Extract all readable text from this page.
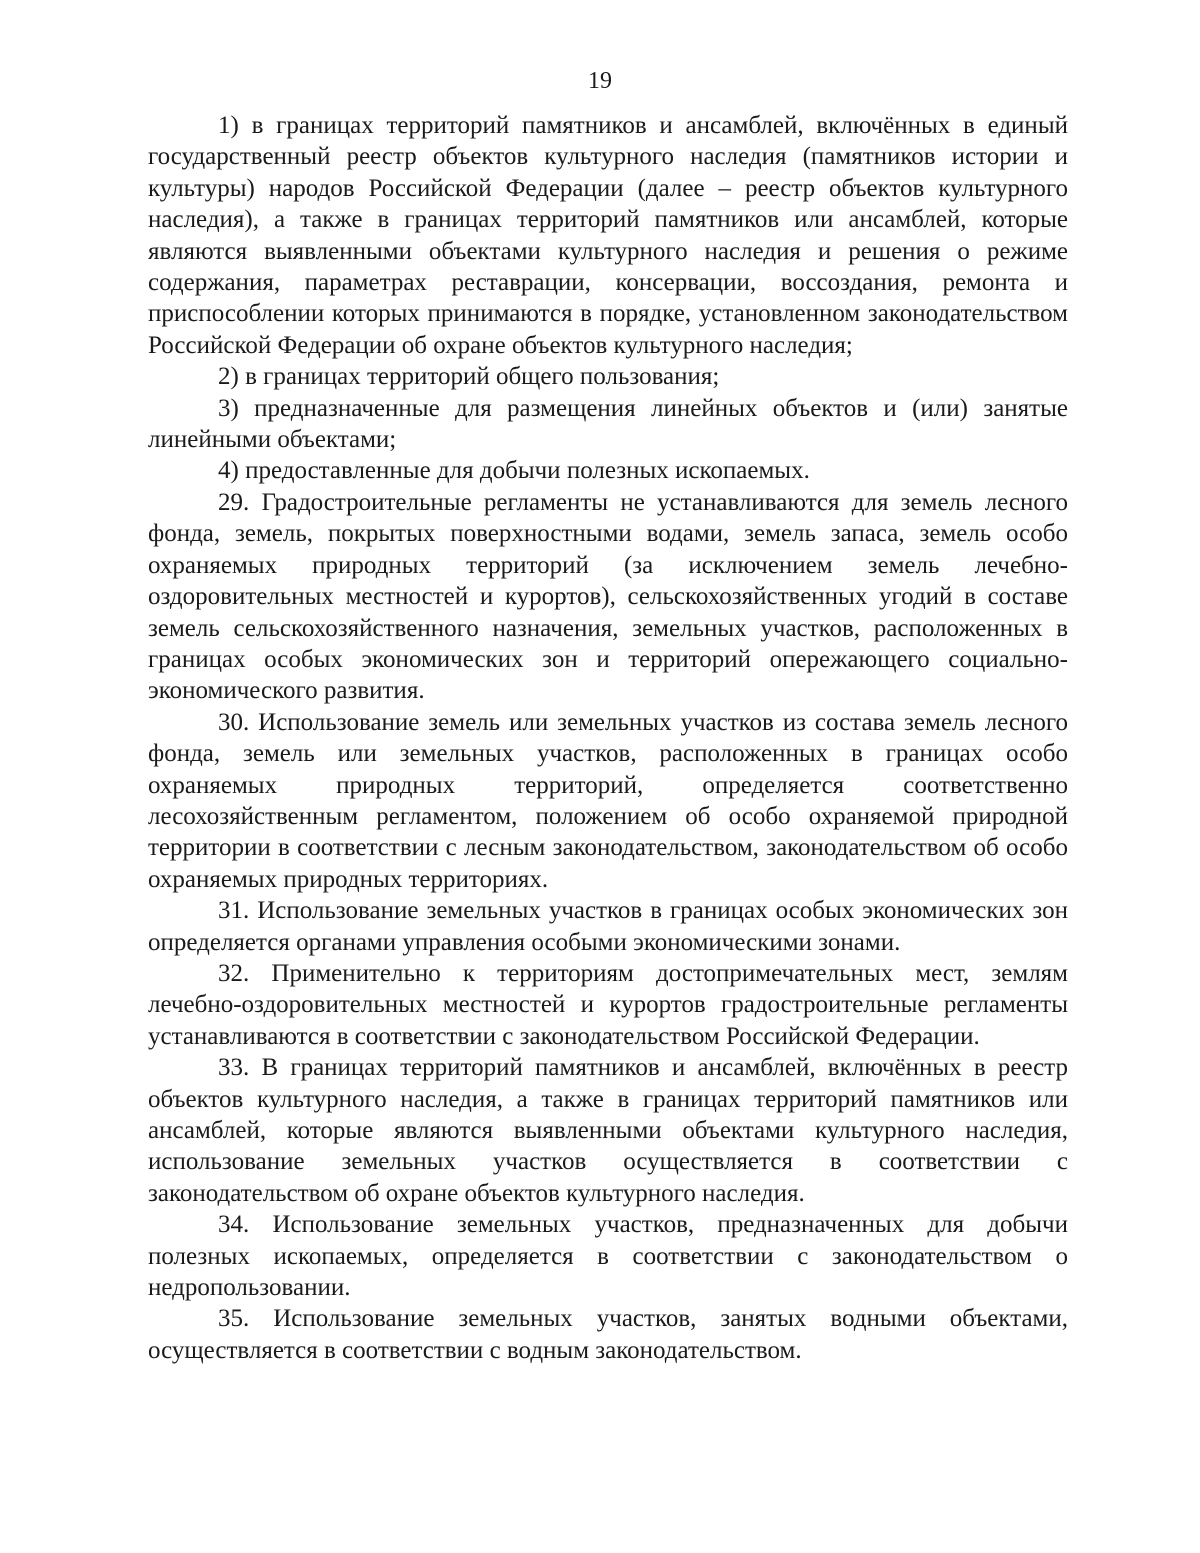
19

1) в границах территорий памятников и ансамблей, включённых в единый государственный реестр объектов культурного наследия (памятников истории и культуры) народов Российской Федерации (далее – реестр объектов культурного наследия), а также в границах территорий памятников или ансамблей, которые являются выявленными объектами культурного наследия и решения о режиме содержания, параметрах реставрации, консервации, воссоздания, ремонта и приспособлении которых принимаются в порядке, установленном законодательством Российской Федерации об охране объектов культурного наследия;

2) в границах территорий общего пользования;

3) предназначенные для размещения линейных объектов и (или) занятые линейными объектами;

4) предоставленные для добычи полезных ископаемых.

29. Градостроительные регламенты не устанавливаются для земель лесного фонда, земель, покрытых поверхностными водами, земель запаса, земель особо охраняемых природных территорий (за исключением земель лечебно-оздоровительных местностей и курортов), сельскохозяйственных угодий в составе земель сельскохозяйственного назначения, земельных участков, расположенных в границах особых экономических зон и территорий опережающего социально-экономического развития.

30. Использование земель или земельных участков из состава земель лесного фонда, земель или земельных участков, расположенных в границах особо охраняемых природных территорий, определяется соответственно лесохозяйственным регламентом, положением об особо охраняемой природной территории в соответствии с лесным законодательством, законодательством об особо охраняемых природных территориях.

31. Использование земельных участков в границах особых экономических зон определяется органами управления особыми экономическими зонами.

32. Применительно к территориям достопримечательных мест, землям лечебно-оздоровительных местностей и курортов градостроительные регламенты устанавливаются в соответствии с законодательством Российской Федерации.

33. В границах территорий памятников и ансамблей, включённых в реестр объектов культурного наследия, а также в границах территорий памятников или ансамблей, которые являются выявленными объектами культурного наследия, использование земельных участков осуществляется в соответствии с законодательством об охране объектов культурного наследия.

34. Использование земельных участков, предназначенных для добычи полезных ископаемых, определяется в соответствии с законодательством о недропользовании.

35. Использование земельных участков, занятых водными объектами, осуществляется в соответствии с водным законодательством.
